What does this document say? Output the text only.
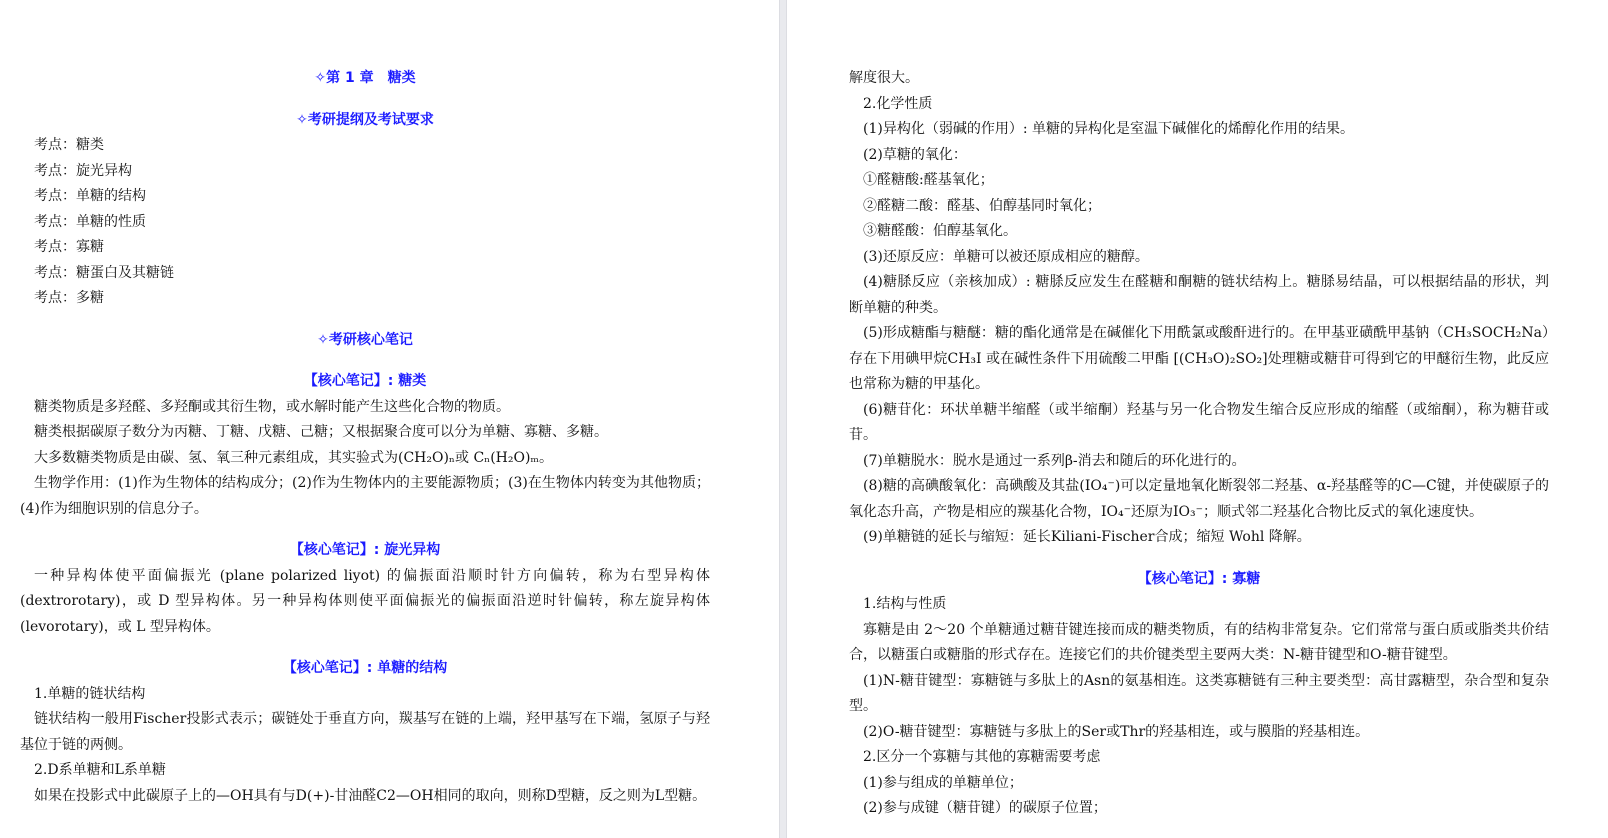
✧第 1 章　糖类
✧考研提纲及考试要求
考点：糖类
考点：旋光异构
考点：单糖的结构
考点：单糖的性质
考点：寡糖
考点：糖蛋白及其糖链
考点：多糖
✧考研核心笔记
【核心笔记】: 糖类

糖类物质是多羟醛、多羟酮或其衍生物，或水解时能产生这些化合物的物质。

糖类根据碳原子数分为丙糖、丁糖、戊糖、己糖；又根据聚合度可以分为单糖、寡糖、多糖。

大多数糖类物质是由碳、氢、氧三种元素组成，其实验式为(CH₂O)ₙ或 Cₙ(H₂O)ₘ。

生物学作用：(1)作为生物体的结构成分；(2)作为生物体内的主要能源物质；(3)在生物体内转变为其他物质；(4)作为细胞识别的信息分子。

【核心笔记】: 旋光异构

一种异构体使平面偏振光 (plane polarized liyot) 的偏振面沿顺时针方向偏转，称为右型异构体 (dextrorotary)，或 D 型异构体。另一种异构体则使平面偏振光的偏振面沿逆时针偏转，称左旋异构体 (levorotary)，或 L 型异构体。

【核心笔记】: 单糖的结构

1.单糖的链状结构

链状结构一般用Fischer投影式表示；碳链处于垂直方向，羰基写在链的上端，羟甲基写在下端，氢原子与羟基位于链的两侧。

2.D系单糖和L系单糖

如果在投影式中此碳原子上的—OH具有与D(+)-甘油醛C2—OH相同的取向，则称D型糖，反之则为L型糖。

解度很大。

2.化学性质

(1)异构化（弱碱的作用）: 单糖的异构化是室温下碱催化的烯醇化作用的结果。

(2)草糖的氧化：

①醛糖酸:醛基氧化；

②醛糖二酸：醛基、伯醇基同时氧化；

③糖醛酸：伯醇基氧化。

(3)还原反应：单糖可以被还原成相应的糖醇。

(4)糖脎反应（亲核加成）: 糖脎反应发生在醛糖和酮糖的链状结构上。糖脎易结晶，可以根据结晶的形状，判断单糖的种类。

(5)形成糖酯与糖醚：糖的酯化通常是在碱催化下用酰氯或酸酐进行的。在甲基亚磺酰甲基钠（CH₃SOCH₂Na）存在下用碘甲烷CH₃I 或在碱性条件下用硫酸二甲酯 [(CH₃O)₂SO₂]处理糖或糖苷可得到它的甲醚衍生物，此反应也常称为糖的甲基化。

(6)糖苷化：环状单糖半缩醛（或半缩酮）羟基与另一化合物发生缩合反应形成的缩醛（或缩酮），称为糖苷或苷。

(7)单糖脱水：脱水是通过一系列β-消去和随后的环化进行的。

(8)糖的高碘酸氧化：高碘酸及其盐(IO₄⁻)可以定量地氧化断裂邻二羟基、α-羟基醛等的C—C键，并使碳原子的氧化态升高，产物是相应的羰基化合物，IO₄⁻还原为IO₃⁻；顺式邻二羟基化合物比反式的氧化速度快。

(9)单糖链的延长与缩短：延长Kiliani-Fischer合成；缩短 Wohl 降解。

【核心笔记】: 寡糖

1.结构与性质

寡糖是由 2～20 个单糖通过糖苷键连接而成的糖类物质，有的结构非常复杂。它们常常与蛋白质或脂类共价结合，以糖蛋白或糖脂的形式存在。连接它们的共价键类型主要两大类：N-糖苷键型和O-糖苷键型。

(1)N-糖苷键型：寡糖链与多肽上的Asn的氨基相连。这类寡糖链有三种主要类型：高甘露糖型，杂合型和复杂型。

(2)O-糖苷键型：寡糖链与多肽上的Ser或Thr的羟基相连，或与膜脂的羟基相连。

2.区分一个寡糖与其他的寡糖需要考虑

(1)参与组成的单糖单位；

(2)参与成键（糖苷键）的碳原子位置；
